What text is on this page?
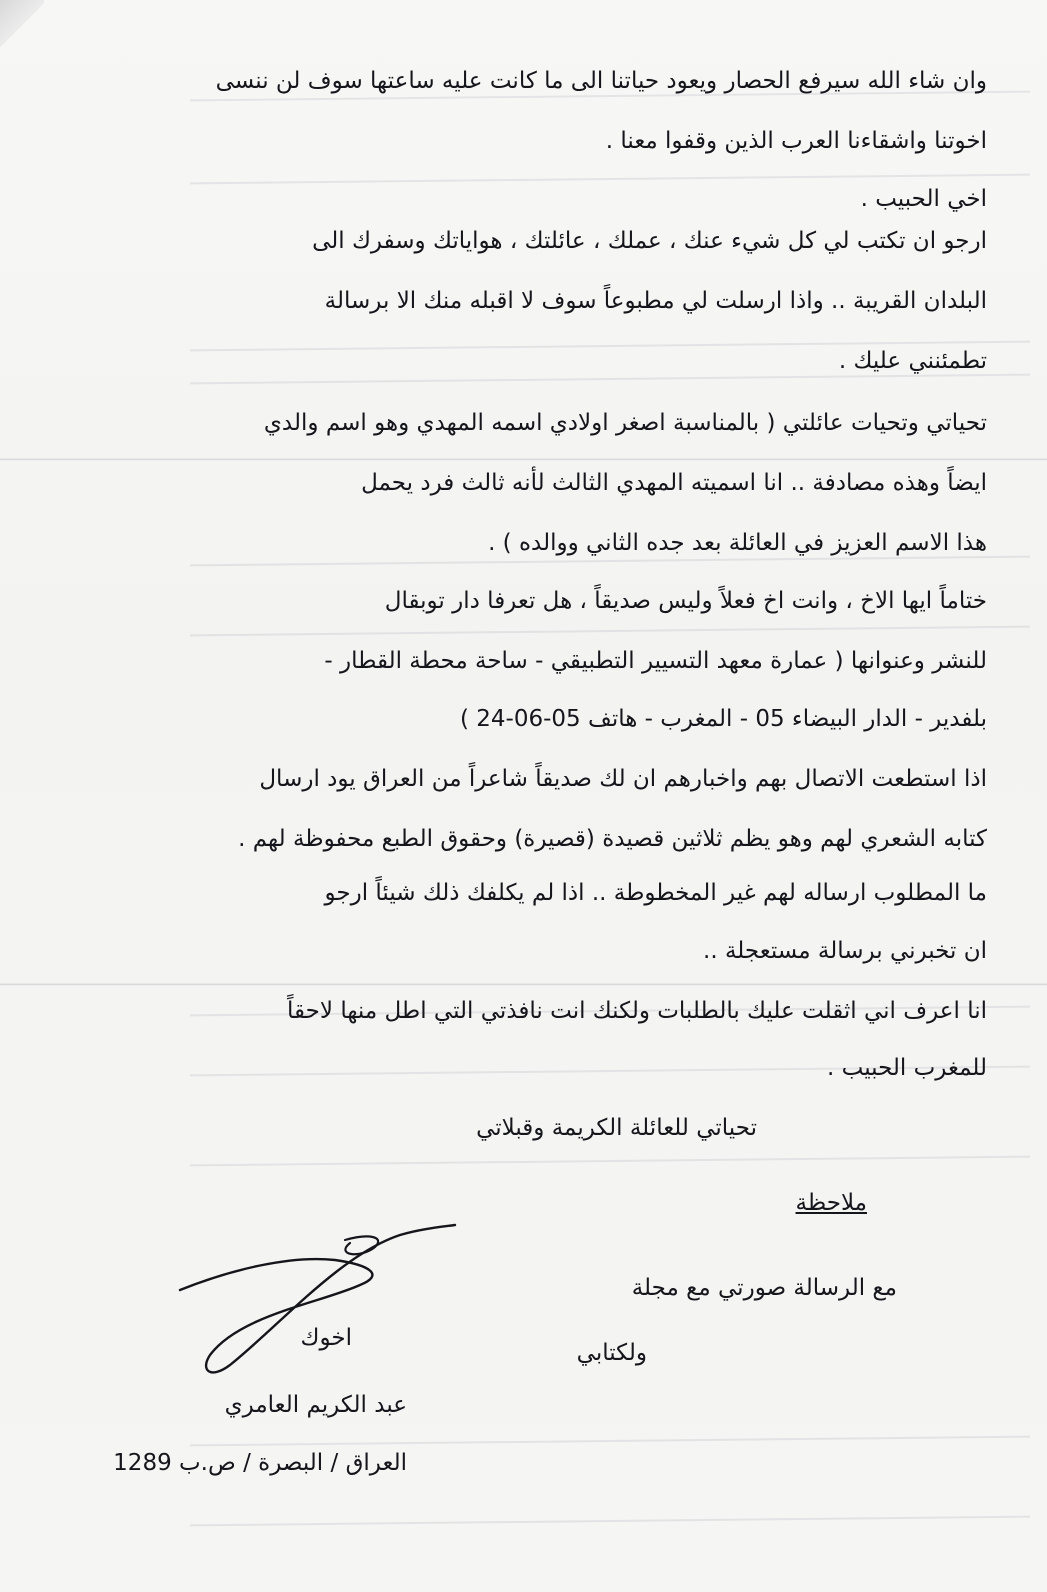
وان شاء الله سيرفع الحصار ويعود حياتنا الى ما كانت عليه ساعتها سوف لن ننسى
اخوتنا واشقاءنا العرب الذين وقفوا معنا .
اخي الحبيب .
ارجو ان تكتب لي كل شيء عنك ، عملك ، عائلتك ، هواياتك وسفرك الى
البلدان القريبة .. واذا ارسلت لي مطبوعاً سوف لا اقبله منك الا برسالة
تطمئنني عليك .
تحياتي وتحيات عائلتي ( بالمناسبة اصغر اولادي اسمه المهدي وهو اسم والدي
ايضاً وهذه مصادفة .. انا اسميته المهدي الثالث لأنه ثالث فرد يحمل
هذا الاسم العزيز في العائلة بعد جده الثاني ووالده ) .
ختاماً ايها الاخ ، وانت اخ فعلاً وليس صديقاً ، هل تعرفا دار توبقال
للنشر وعنوانها ( عمارة معهد التسيير التطبيقي - ساحة محطة القطار -
بلفدير - الدار البيضاء 05 - المغرب - هاتف 05-06-24 )
اذا استطعت الاتصال بهم واخبارهم ان لك صديقاً شاعراً من العراق يود ارسال
كتابه الشعري لهم وهو يظم ثلاثين قصيدة (قصيرة) وحقوق الطبع محفوظة لهم .
ما المطلوب ارساله لهم غير المخطوطة .. اذا لم يكلفك ذلك شيئاً ارجو
ان تخبرني برسالة مستعجلة ..
انا اعرف اني اثقلت عليك بالطلبات ولكنك انت نافذتي التي اطل منها لاحقاً
للمغرب الحبيب .
تحياتي للعائلة الكريمة وقبلاتي
ملاحظة
مع الرسالة صورتي مع مجلة
ولكتابي
اخوك
عبد الكريم العامري
العراق / البصرة / ص.ب 1289
